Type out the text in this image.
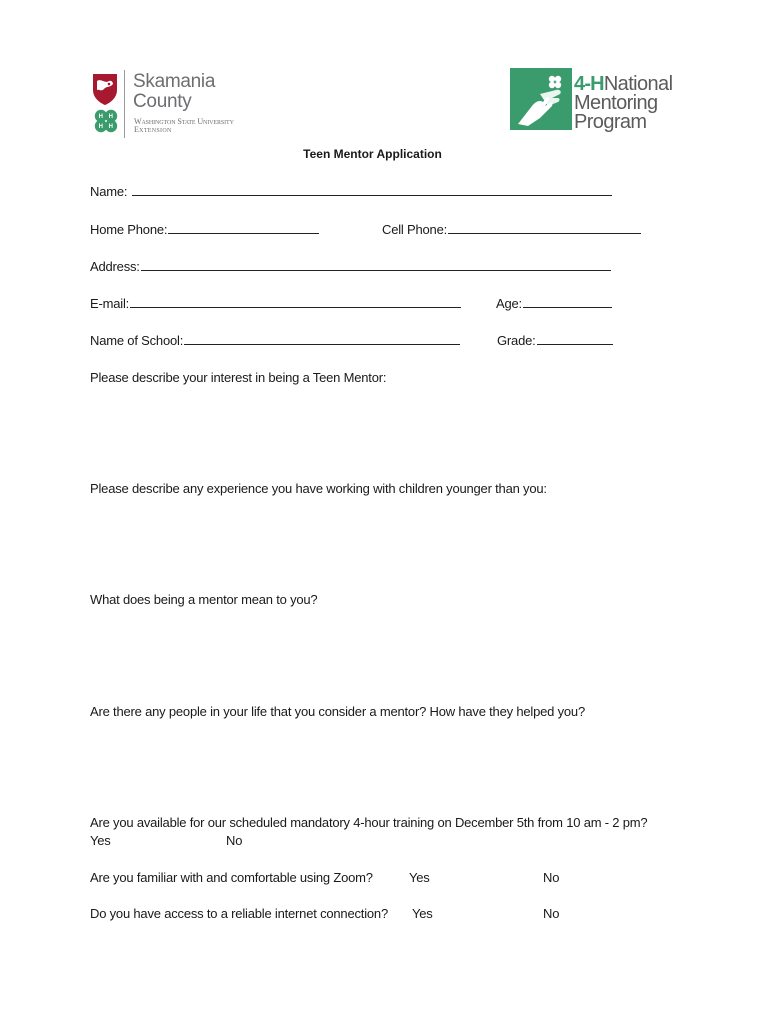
H H
H H
Skamania
County
Washington State University
Extension
4-HNational
Mentoring
Program
Teen Mentor Application
Name:
Home Phone:	Cell Phone:
Address:
E-mail:	Age:
Name of School:	Grade:
Please describe your interest in being a Teen Mentor:
Please describe any experience you have working with children younger than you:
What does being a mentor mean to you?
Are there any people in your life that you consider a mentor? How have they helped you?
Are you available for our scheduled mandatory 4-hour training on December 5th from 10 am - 2 pm?
Yes	No
Are you familiar with and comfortable using Zoom?	Yes	No
Do you have access to a reliable internet connection? Yes	No
